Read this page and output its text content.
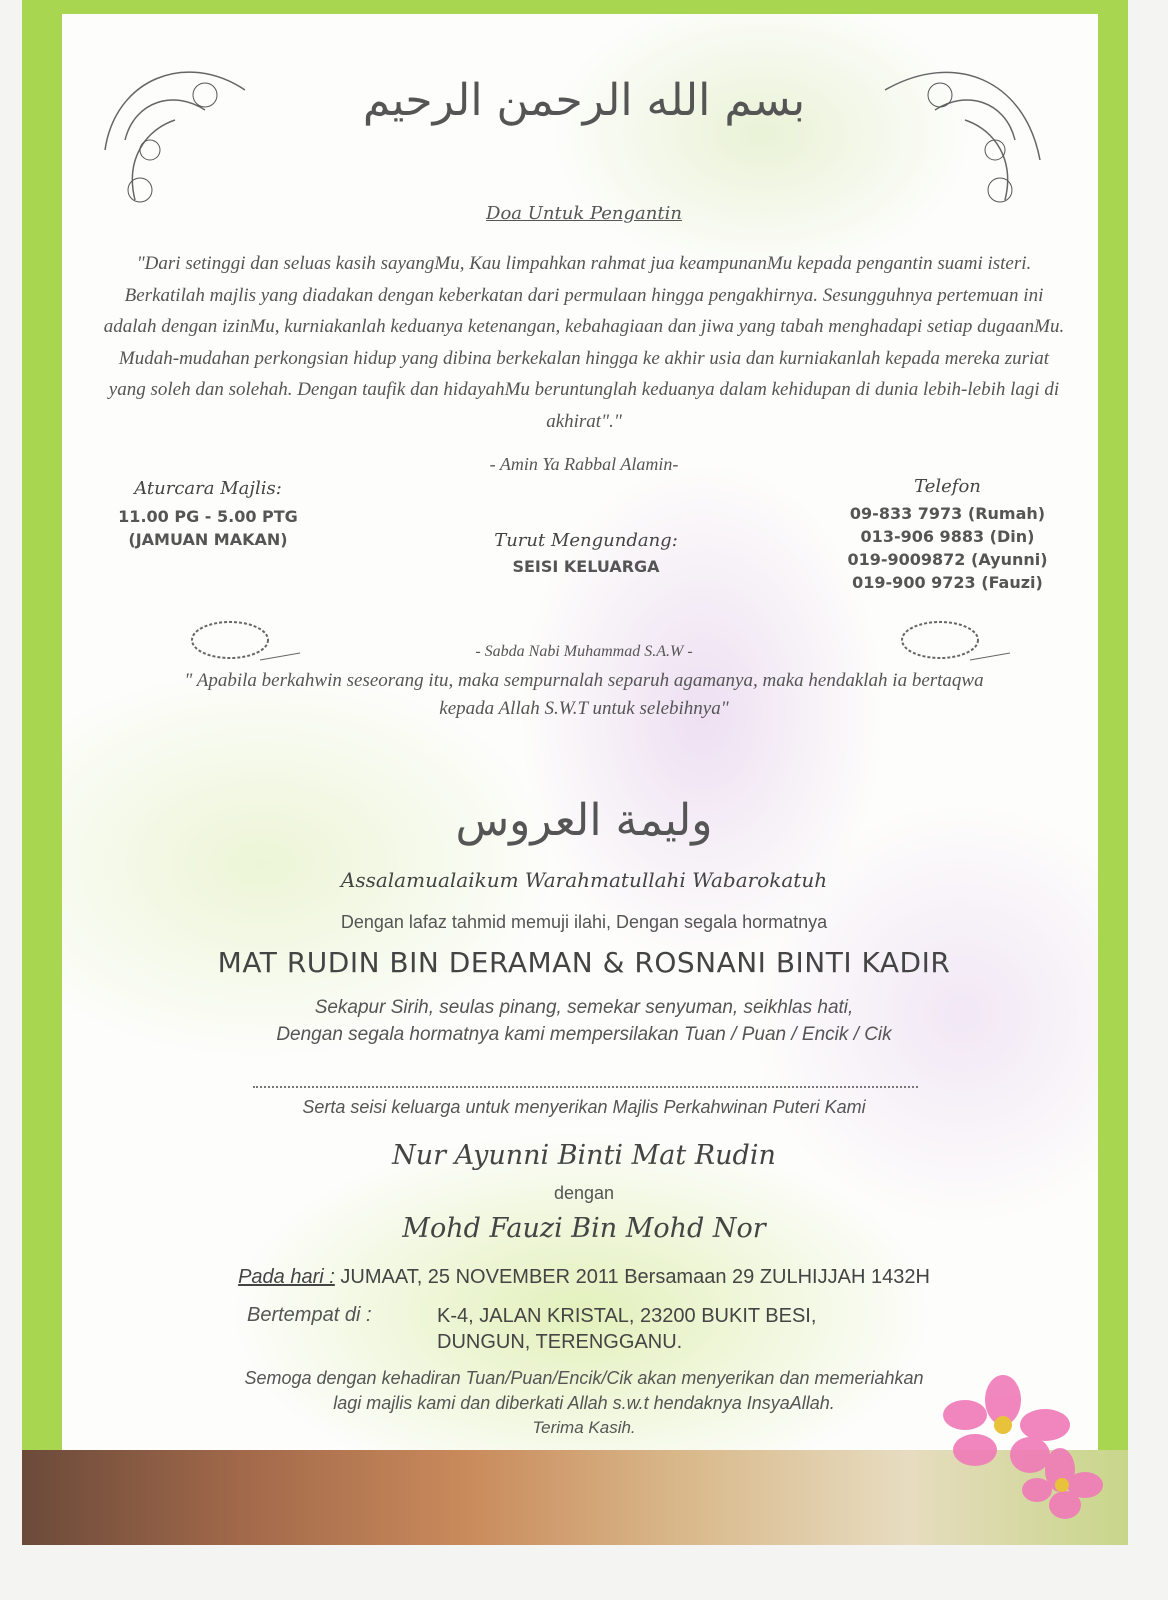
بسم الله الرحمن الرحيم
Doa Untuk Pengantin
"Dari setinggi dan seluas kasih sayangMu, Kau limpahkan rahmat jua keampunanMu kepada pengantin suami isteri. Berkatilah majlis yang diadakan dengan keberkatan dari permulaan hingga pengakhirnya. Sesungguhnya pertemuan ini adalah dengan izinMu, kurniakanlah keduanya ketenangan, kebahagiaan dan jiwa yang tabah menghadapi setiap dugaanMu. Mudah-mudahan perkongsian hidup yang dibina berkekalan hingga ke akhir usia dan kurniakanlah kepada mereka zuriat yang soleh dan solehah. Dengan taufik dan hidayahMu beruntunglah keduanya dalam kehidupan di dunia lebih-lebih lagi di akhirat"."
- Amin Ya Rabbal Alamin-
Aturcara Majlis:
11.00 PG - 5.00 PTG
(JAMUAN MAKAN)	Turut Mengundang:
SEISI KELUARGA
Telefon
09-833 7973 (Rumah)
013-906 9883 (Din)
019-9009872 (Ayunni)
019-900 9723 (Fauzi)
- Sabda Nabi Muhammad S.A.W -
" Apabila berkahwin seseorang itu, maka sempurnalah separuh agamanya, maka hendaklah ia bertaqwa
kepada Allah S.W.T untuk selebihnya"
وليمة العروس
Assalamualaikum Warahmatullahi Wabarokatuh
Dengan lafaz tahmid memuji ilahi, Dengan segala hormatnya
MAT RUDIN BIN DERAMAN & ROSNANI BINTI KADIR
Sekapur Sirih, seulas pinang, semekar senyuman, seikhlas hati,
Dengan segala hormatnya kami mempersilakan Tuan / Puan / Encik / Cik
Serta seisi keluarga untuk menyerikan Majlis Perkahwinan Puteri Kami
Nur Ayunni Binti Mat Rudin
dengan
Mohd Fauzi Bin Mohd Nor
Pada hari : JUMAAT, 25 NOVEMBER 2011 Bersamaan 29 ZULHIJJAH 1432H
Bertempat di :	K-4, JALAN KRISTAL, 23200 BUKIT BESI,
DUNGUN, TERENGGANU.
Semoga dengan kehadiran Tuan/Puan/Encik/Cik akan menyerikan dan memeriahkan
lagi majlis kami dan diberkati Allah s.w.t hendaknya InsyaAllah.
Terima Kasih.
